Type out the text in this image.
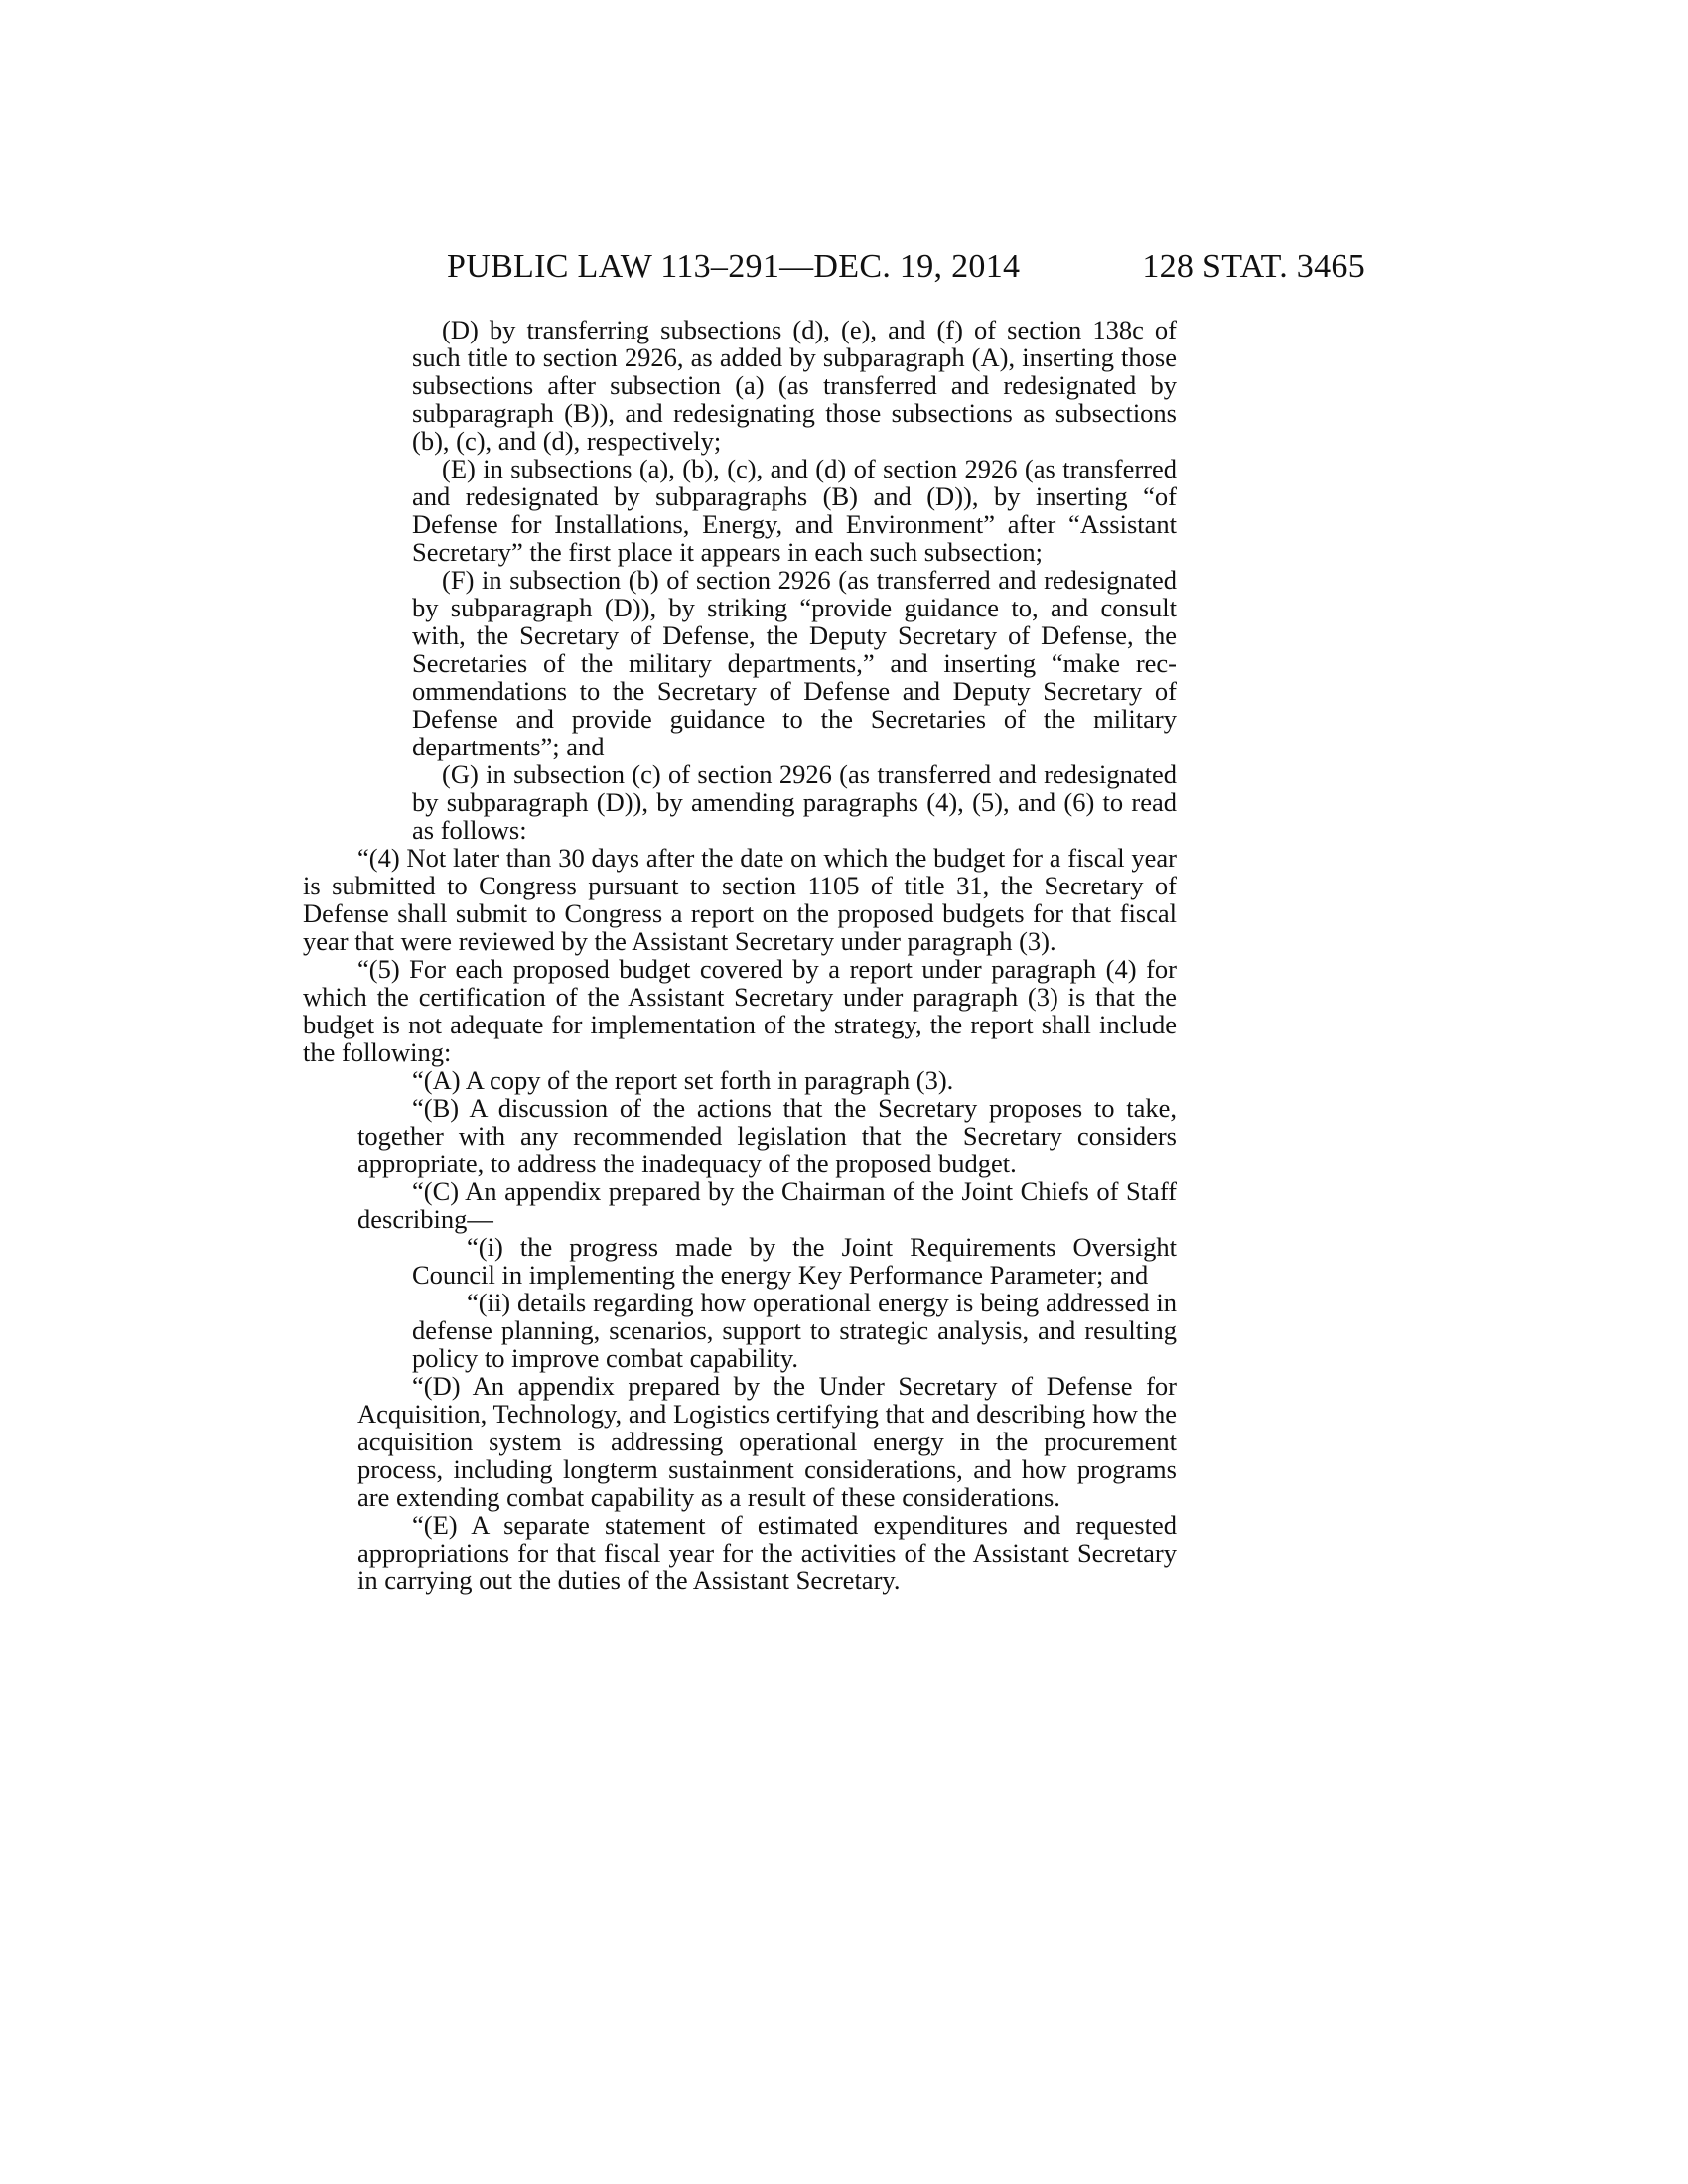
PUBLIC LAW 113–291—DEC. 19, 2014	128 STAT. 3465

(D) by transferring subsections (d), (e), and (f) of section 138c of such title to section 2926, as added by subparagraph (A), inserting those subsections after subsection (a) (as transferred and redesignated by subparagraph (B)), and redesignating those subsections as subsections (b), (c), and (d), respectively;

(E) in subsections (a), (b), (c), and (d) of section 2926 (as transferred and redesignated by subparagraphs (B) and (D)), by inserting “of Defense for Installations, Energy, and Environment” after “Assistant Secretary” the first place it appears in each such subsection;

(F) in subsection (b) of section 2926 (as transferred and redesignated by subparagraph (D)), by striking “provide guidance to, and consult with, the Secretary of Defense, the Deputy Secretary of Defense, the Secretaries of the military departments,” and inserting “make recommendations to the Secretary of Defense and Deputy Secretary of Defense and provide guidance to the Secretaries of the military departments”; and

(G) in subsection (c) of section 2926 (as transferred and redesignated by subparagraph (D)), by amending paragraphs (4), (5), and (6) to read as follows:

“(4) Not later than 30 days after the date on which the budget for a fiscal year is submitted to Congress pursuant to section 1105 of title 31, the Secretary of Defense shall submit to Congress a report on the proposed budgets for that fiscal year that were reviewed by the Assistant Secretary under paragraph (3).

“(5) For each proposed budget covered by a report under paragraph (4) for which the certification of the Assistant Secretary under paragraph (3) is that the budget is not adequate for implementation of the strategy, the report shall include the following:

“(A) A copy of the report set forth in paragraph (3).

“(B) A discussion of the actions that the Secretary proposes to take, together with any recommended legislation that the Secretary considers appropriate, to address the inadequacy of the proposed budget.

“(C) An appendix prepared by the Chairman of the Joint Chiefs of Staff describing—

“(i) the progress made by the Joint Requirements Oversight Council in implementing the energy Key Performance Parameter; and

“(ii) details regarding how operational energy is being addressed in defense planning, scenarios, support to strategic analysis, and resulting policy to improve combat capability.

“(D) An appendix prepared by the Under Secretary of Defense for Acquisition, Technology, and Logistics certifying that and describing how the acquisition system is addressing operational energy in the procurement process, including longterm sustainment considerations, and how programs are extending combat capability as a result of these considerations.

“(E) A separate statement of estimated expenditures and requested appropriations for that fiscal year for the activities of the Assistant Secretary in carrying out the duties of the Assistant Secretary.
